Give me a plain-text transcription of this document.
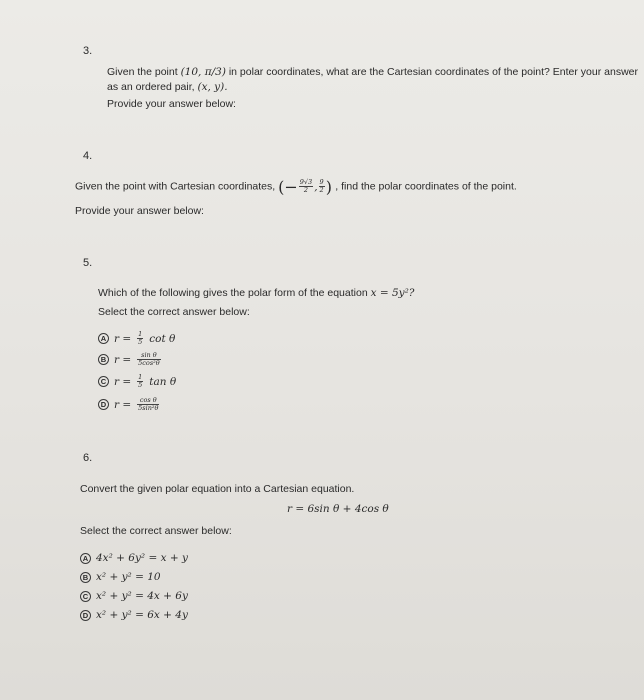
3.
Given the point (10, π/3) in polar coordinates, what are the Cartesian coordinates of the point? Enter your answer
as an ordered pair, (x, y).
Provide your answer below:
4.
Given the point with Cartesian coordinates, (− $\frac{9√3}{2}$ , $\frac{9}{2}$ ) , find the polar coordinates of the point.
Provide your answer below:
5.
Which of the following gives the polar form of the equation x = 5y²?
Select the correct answer below:
A $r = \frac{1}{5}$ cot θ
B $r = \frac{\text{sin θ}}{\text{5cos²θ}}$
C $r = \frac{1}{5}$ tan θ
D $r = \frac{\text{cos θ}}{\text{5sin²θ}}$
6.
Convert the given polar equation into a Cartesian equation.
r = 6sin θ + 4cos θ
Select the correct answer below:
A 4x² + 6y² = x + y
B x² + y² = 10
C x² + y² = 4x + 6y
D x² + y² = 6x + 4y
